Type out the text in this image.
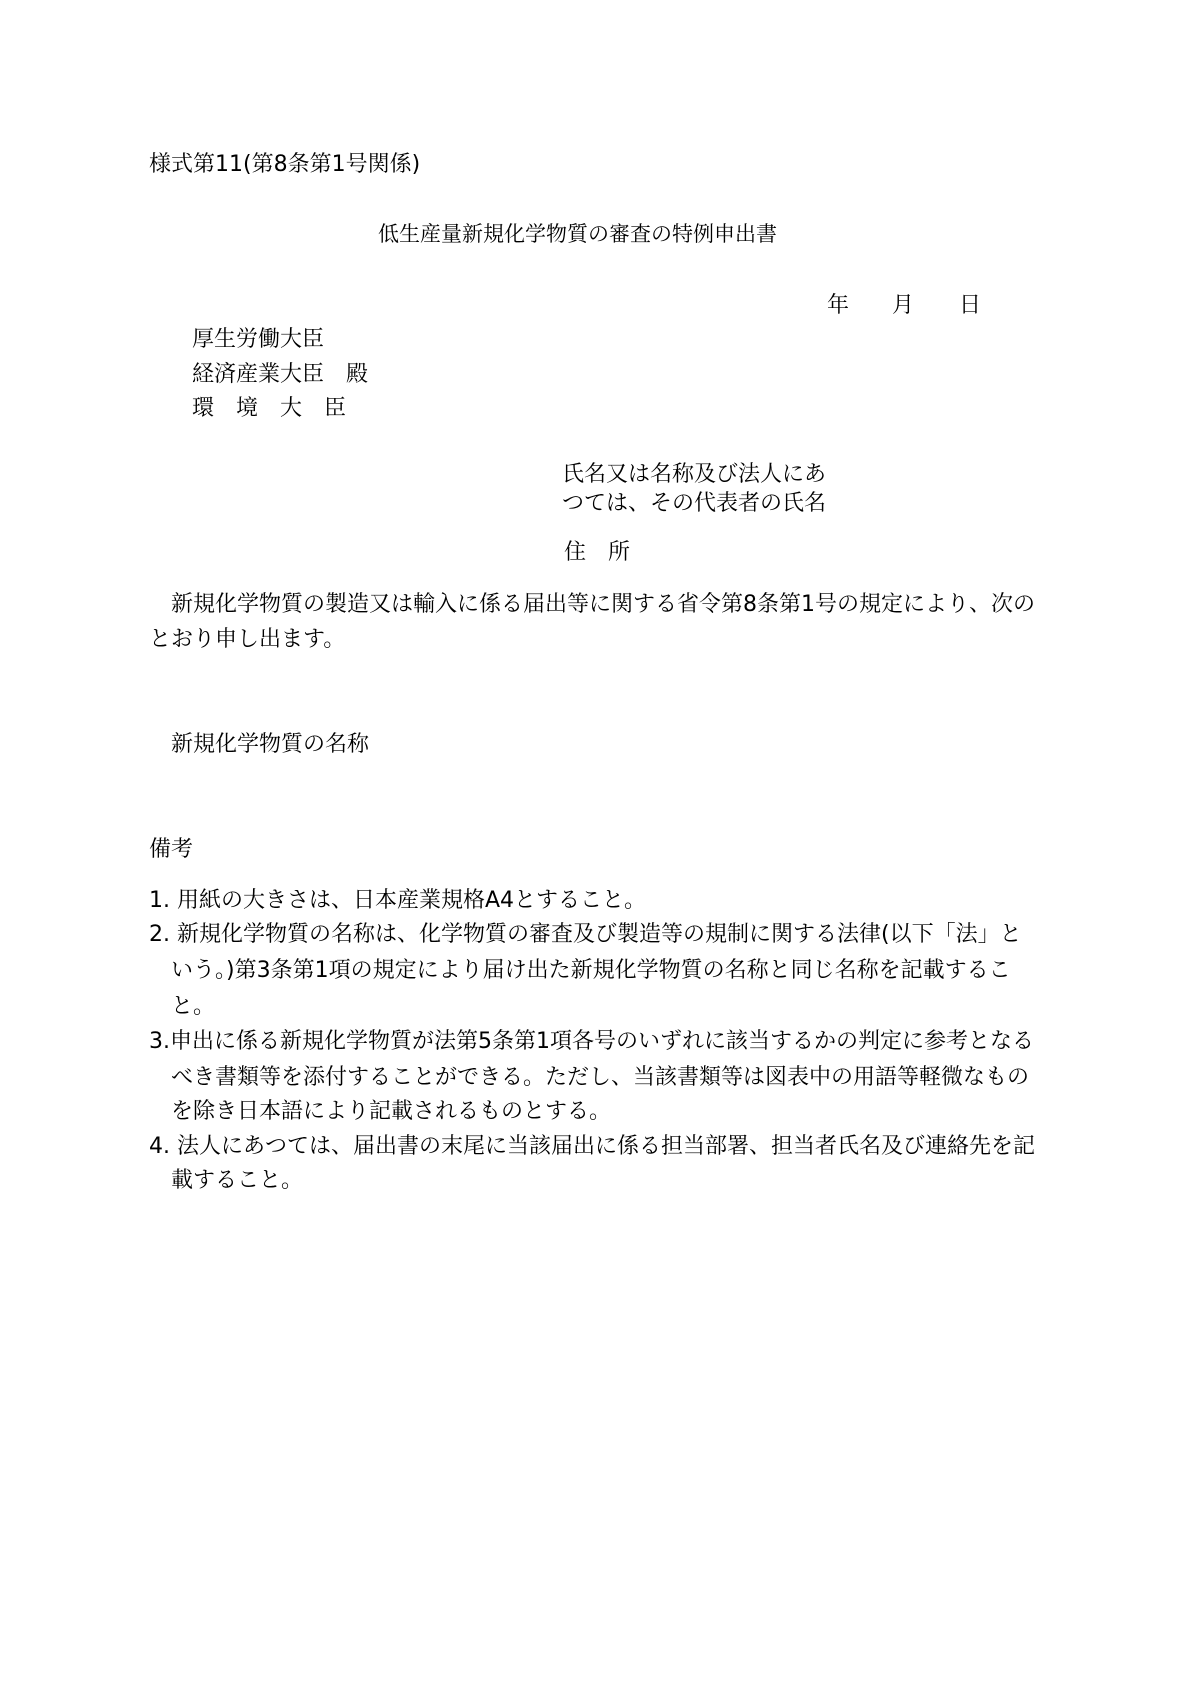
様式第11(第8条第1号関係)
低生産量新規化学物質の審査の特例申出書
年 月 日
厚生労働大臣
経済産業大臣 殿
環　境　大　臣
氏名又は名称及び法人にあ
つては、その代表者の氏名
住　所
新規化学物質の製造又は輸入に係る届出等に関する省令第8条第1号の規定により、次の
とおり申し出ます。
新規化学物質の名称
備考
1. 用紙の大きさは、日本産業規格A4とすること。
2. 新規化学物質の名称は、化学物質の審査及び製造等の規制に関する法律(以下「法」と
いう。)第3条第1項の規定により届け出た新規化学物質の名称と同じ名称を記載するこ
と。
3.申出に係る新規化学物質が法第5条第1項各号のいずれに該当するかの判定に参考となる
べき書類等を添付することができる。ただし、当該書類等は図表中の用語等軽微なもの
を除き日本語により記載されるものとする。
4. 法人にあつては、届出書の末尾に当該届出に係る担当部署、担当者氏名及び連絡先を記
載すること。
